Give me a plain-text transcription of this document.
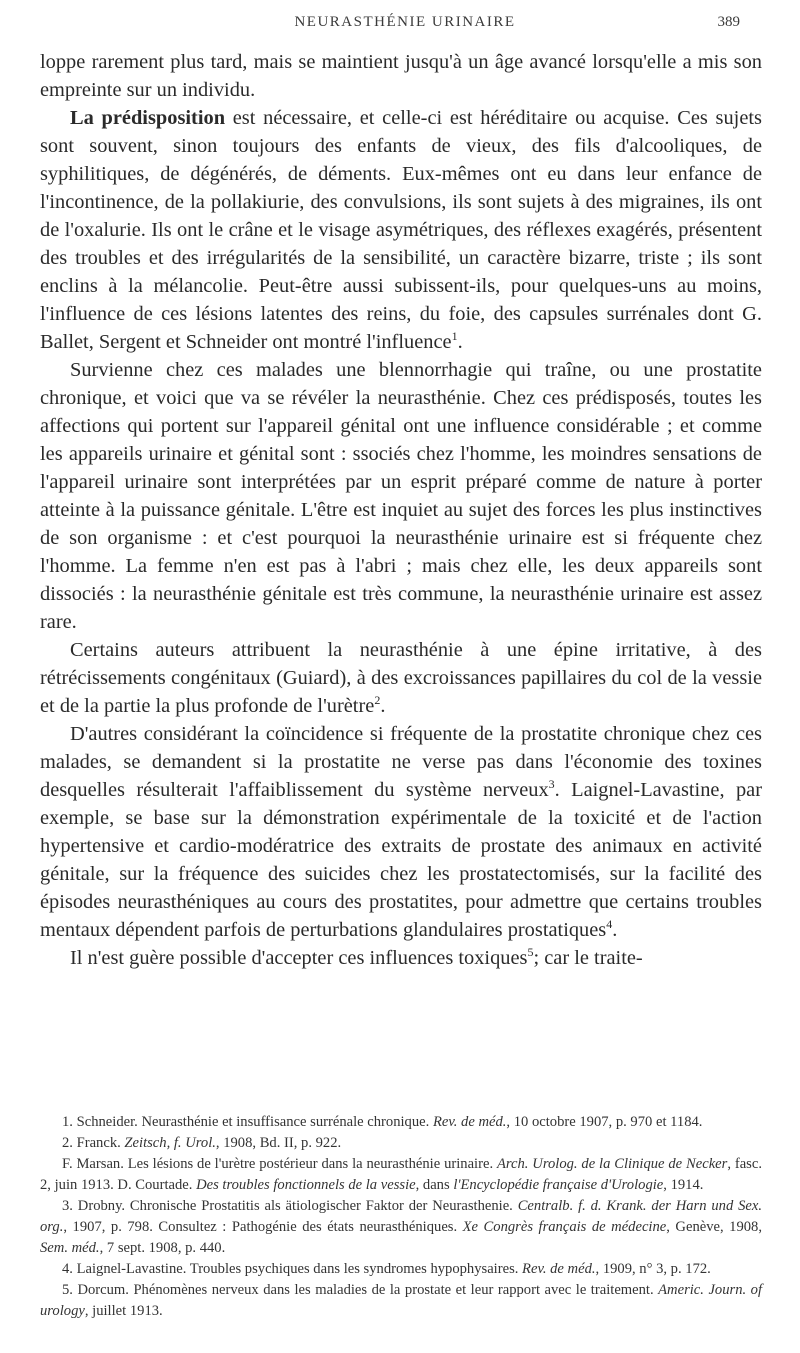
NEURASTHÉNIE URINAIRE	389

loppe rarement plus tard, mais se maintient jusqu'à un âge avancé lorsqu'elle a mis son empreinte sur un individu.

La prédisposition est nécessaire, et celle-ci est héréditaire ou acquise. Ces sujets sont souvent, sinon toujours des enfants de vieux, des fils d'alcooliques, de syphilitiques, de dégénérés, de déments. Eux-mêmes ont eu dans leur enfance de l'incontinence, de la pollakiurie, des convulsions, ils sont sujets à des migraines, ils ont de l'oxalurie. Ils ont le crâne et le visage asymétriques, des réflexes exagérés, présentent des troubles et des irrégularités de la sensibilité, un caractère bizarre, triste ; ils sont enclins à la mélancolie. Peut-être aussi subissent-ils, pour quelques-uns au moins, l'influence de ces lésions latentes des reins, du foie, des capsules surrénales dont G. Ballet, Sergent et Schneider ont montré l'influence$^1$.

Survienne chez ces malades une blennorrhagie qui traîne, ou une prostatite chronique, et voici que va se révéler la neurasthénie. Chez ces prédisposés, toutes les affections qui portent sur l'appareil génital ont une influence considérable ; et comme les appareils urinaire et génital sont : ssociés chez l'homme, les moindres sensations de l'appareil urinaire sont interprétées par un esprit préparé comme de nature à porter atteinte à la puissance génitale. L'être est inquiet au sujet des forces les plus instinctives de son organisme : et c'est pourquoi la neurasthénie urinaire est si fréquente chez l'homme. La femme n'en est pas à l'abri ; mais chez elle, les deux appareils sont dissociés : la neurasthénie génitale est très commune, la neurasthénie urinaire est assez rare.

Certains auteurs attribuent la neurasthénie à une épine irritative, à des rétrécissements congénitaux (Guiard), à des excroissances papillaires du col de la vessie et de la partie la plus profonde de l'urètre$^2$.

D'autres considérant la coïncidence si fréquente de la prostatite chronique chez ces malades, se demandent si la prostatite ne verse pas dans l'économie des toxines desquelles résulterait l'affaiblissement du système nerveux$^3$. Laignel-Lavastine, par exemple, se base sur la démonstration expérimentale de la toxicité et de l'action hypertensive et cardio-modératrice des extraits de prostate des animaux en activité génitale, sur la fréquence des suicides chez les prostatectomisés, sur la facilité des épisodes neurasthéniques au cours des prostatites, pour admettre que certains troubles mentaux dépendent parfois de perturbations glandulaires prostatiques$^4$.

Il n'est guère possible d'accepter ces influences toxiques$^5$; car le traite-

1. Schneider. Neurasthénie et insuffisance surrénale chronique. Rev. de méd., 10 octobre 1907, p. 970 et 1184.

2. Franck. Zeitsch, f. Urol., 1908, Bd. II, p. 922.

F. Marsan. Les lésions de l'urètre postérieur dans la neurasthénie urinaire. Arch. Urolog. de la Clinique de Necker, fasc. 2, juin 1913. D. Courtade. Des troubles fonctionnels de la vessie, dans l'Encyclopédie française d'Urologie, 1914.

3. Drobny. Chronische Prostatitis als ätiologischer Faktor der Neurasthenie. Centralb. f. d. Krank. der Harn und Sex. org., 1907, p. 798. Consultez : Pathogénie des états neurasthéniques. Xe Congrès français de médecine, Genève, 1908, Sem. méd., 7 sept. 1908, p. 440.

4. Laignel-Lavastine. Troubles psychiques dans les syndromes hypophysaires. Rev. de méd., 1909, n° 3, p. 172.

5. Dorcum. Phénomènes nerveux dans les maladies de la prostate et leur rapport avec le traitement. Americ. Journ. of urology, juillet 1913.
